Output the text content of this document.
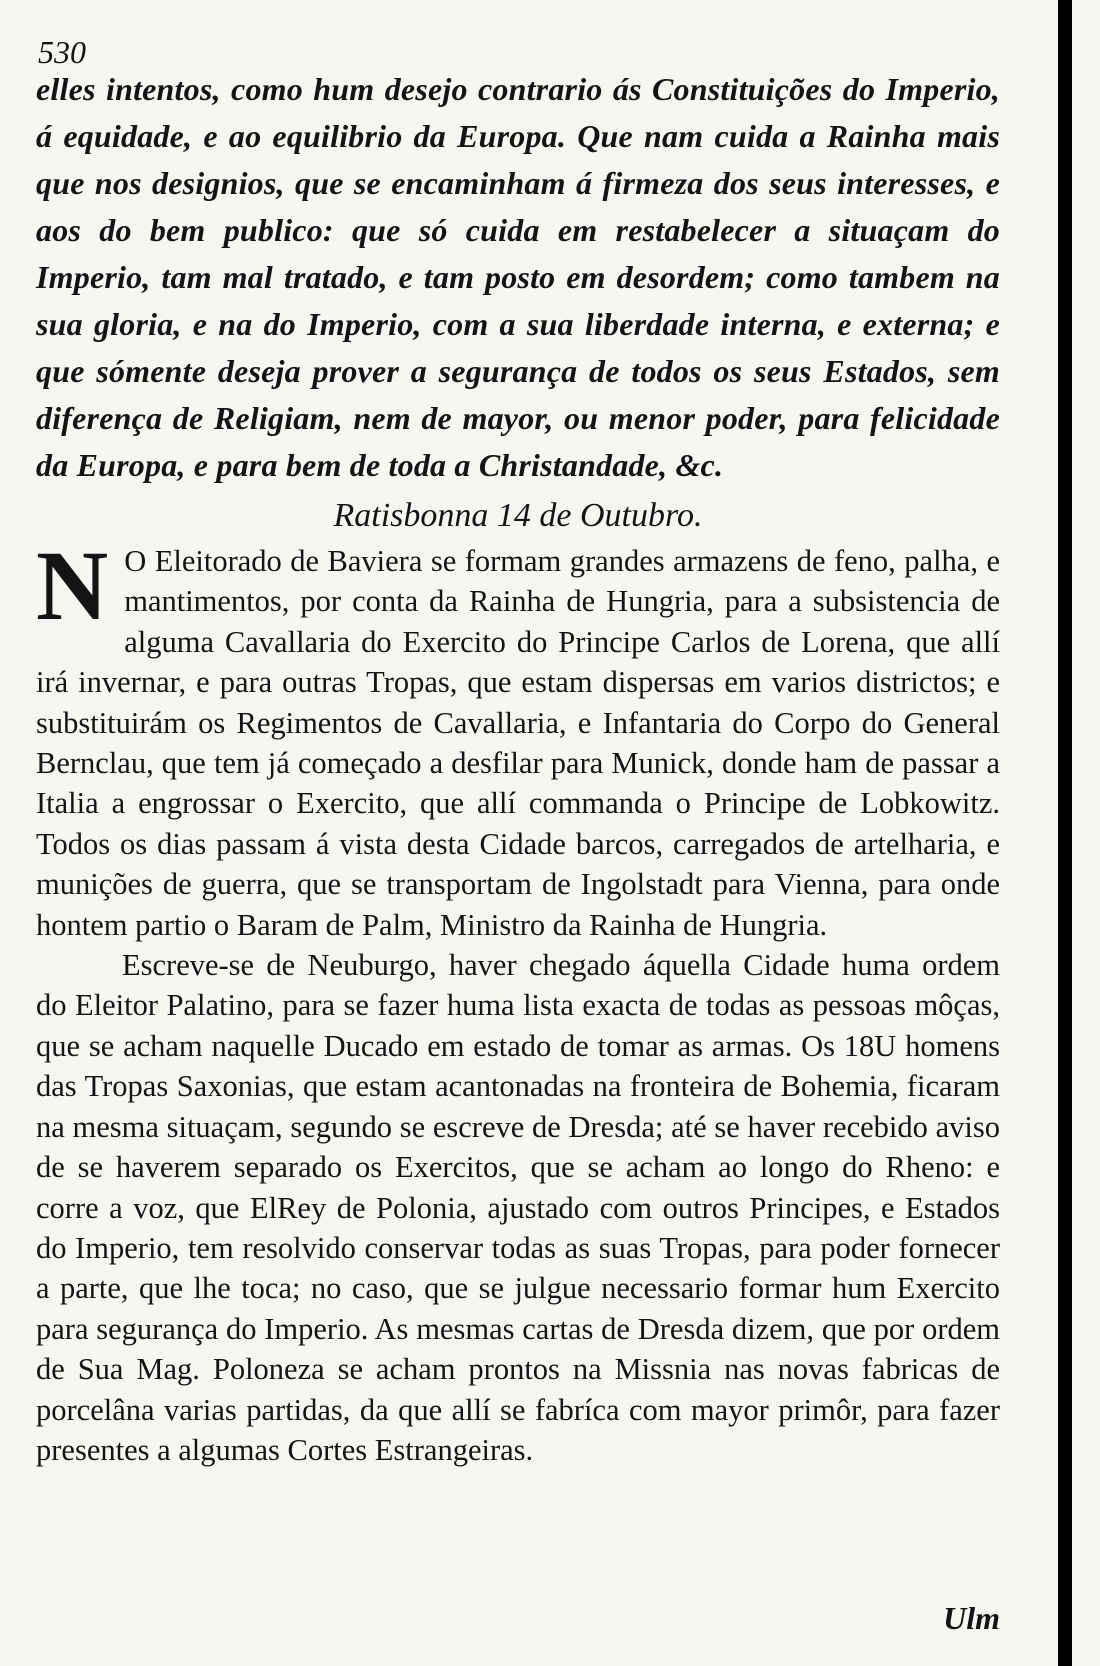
530
elles intentos, como hum desejo contrario ás Constituições do Imperio, á equidade, e ao equilibrio da Europa. Que nam cuida a Rainha mais que nos designios, que se encaminham á firmeza dos seus interesses, e aos do bem publico: que só cuida em restabelecer a situaçam do Imperio, tam mal tratado, e tam posto em desordem; como tambem na sua gloria, e na do Imperio, com a sua liberdade interna, e externa; e que sómente deseja prover a segurança de todos os seus Estados, sem diferença de Religiam, nem de mayor, ou menor poder, para felicidade da Europa, e para bem de toda a Christandade, &c.
Ratisbonna 14 de Outubro.

N O Eleitorado de Baviera se formam grandes armazens de feno, palha, e mantimentos, por conta da Rainha de Hungria, para a subsistencia de alguma Cavallaria do Exercito do Principe Carlos de Lorena, que allí irá invernar, e para outras Tropas, que estam dispersas em varios districtos; e substituirám os Regimentos de Cavallaria, e Infantaria do Corpo do General Bernclau, que tem já começado a desfilar para Munick, donde ham de passar a Italia a engrossar o Exercito, que allí commanda o Principe de Lobkowitz. Todos os dias passam á vista desta Cidade barcos, carregados de artelharia, e munições de guerra, que se transportam de Ingolstadt para Vienna, para onde hontem partio o Baram de Palm, Ministro da Rainha de Hungria.

Escreve-se de Neuburgo, haver chegado áquella Cidade huma ordem do Eleitor Palatino, para se fazer huma lista exacta de todas as pessoas môças, que se acham naquelle Ducado em estado de tomar as armas. Os 18U homens das Tropas Saxonias, que estam acantonadas na fronteira de Bohemia, ficaram na mesma situaçam, segundo se escreve de Dresda; até se haver recebido aviso de se haverem separado os Exercitos, que se acham ao longo do Rheno: e corre a voz, que ElRey de Polonia, ajustado com outros Principes, e Estados do Imperio, tem resolvido conservar todas as suas Tropas, para poder fornecer a parte, que lhe toca; no caso, que se julgue necessario formar hum Exercito para segurança do Imperio. As mesmas cartas de Dresda dizem, que por ordem de Sua Mag. Poloneza se acham prontos na Missnia nas novas fabricas de porcelâna varias partidas, da que allí se fabríca com mayor primôr, para fazer presentes a algumas Cortes Estrangeiras.

Ulm
